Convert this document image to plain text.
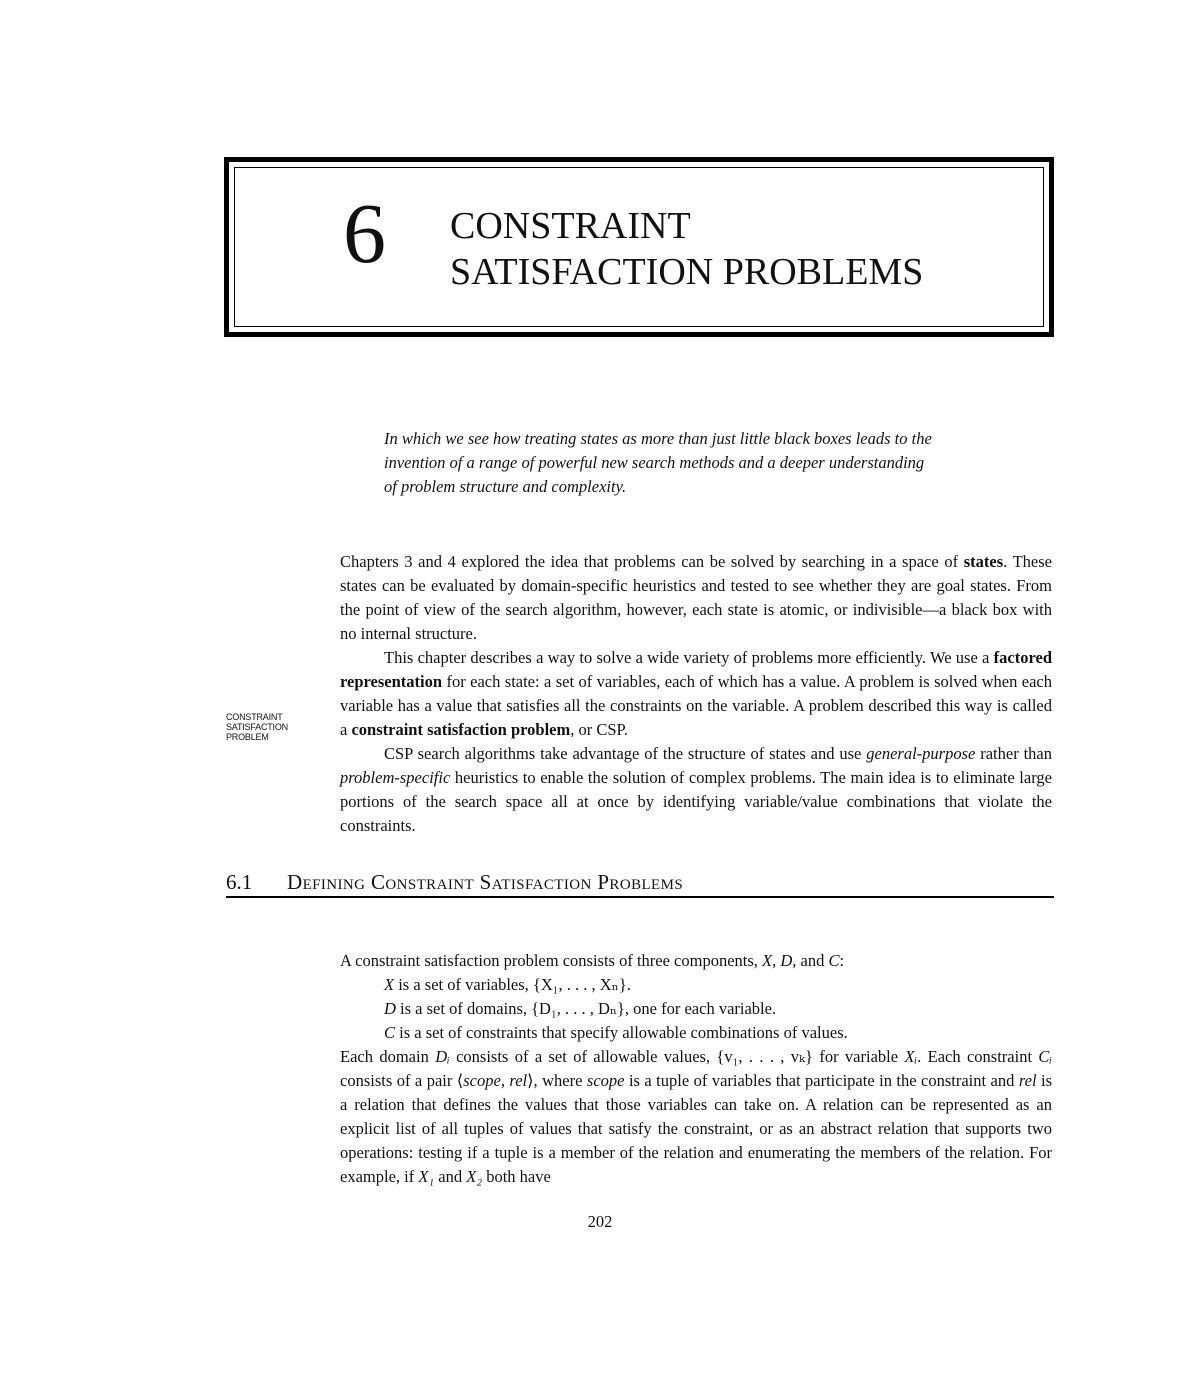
6 CONSTRAINT
SATISFACTION PROBLEMS
In which we see how treating states as more than just little black boxes leads to the
invention of a range of powerful new search methods and a deeper understanding
of problem structure and complexity.

Chapters 3 and 4 explored the idea that problems can be solved by searching in a space of states. These states can be evaluated by domain-specific heuristics and tested to see whether they are goal states. From the point of view of the search algorithm, however, each state is atomic, or indivisible—a black box with no internal structure.

This chapter describes a way to solve a wide variety of problems more efficiently. We use a factored representation for each state: a set of variables, each of which has a value. A problem is solved when each variable has a value that satisfies all the constraints on the variable. A problem described this way is called a constraint satisfaction problem, or CSP.

CSP search algorithms take advantage of the structure of states and use general-purpose rather than problem-specific heuristics to enable the solution of complex problems. The main idea is to eliminate large portions of the search space all at once by identifying variable/value combinations that violate the constraints.

CONSTRAINT
SATISFACTION
PROBLEM
6.1 Defining Constraint Satisfaction Problems

A constraint satisfaction problem consists of three components, X, D, and C:

X is a set of variables, {X₁, . . . , Xₙ}.

D is a set of domains, {D₁, . . . , Dₙ}, one for each variable.

C is a set of constraints that specify allowable combinations of values.

Each domain Dᵢ consists of a set of allowable values, {v₁, . . . , vₖ} for variable Xᵢ. Each constraint Cᵢ consists of a pair ⟨scope, rel⟩, where scope is a tuple of variables that participate in the constraint and rel is a relation that defines the values that those variables can take on. A relation can be represented as an explicit list of all tuples of values that satisfy the constraint, or as an abstract relation that supports two operations: testing if a tuple is a member of the relation and enumerating the members of the relation. For example, if X₁ and X₂ both have

202
